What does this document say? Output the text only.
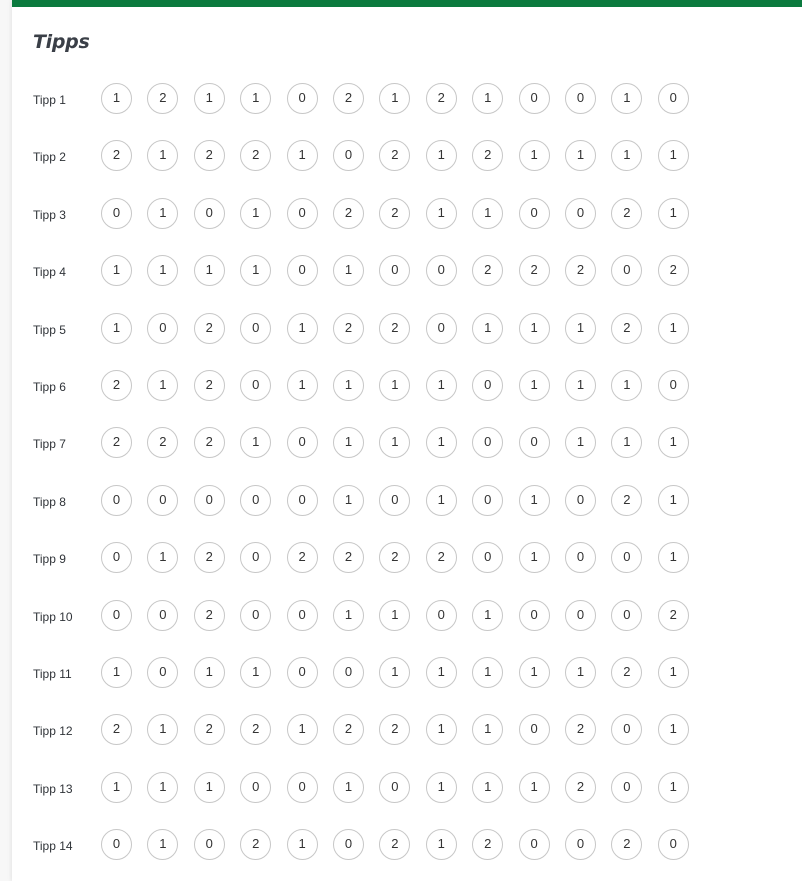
Tipps
Tipp 1	1	2	1	1	0	2	1	2	1	0	0	1	0
Tipp 2	2	1	2	2	1	0	2	1	2	1	1	1	1
Tipp 3	0	1	0	1	0	2	2	1	1	0	0	2	1
Tipp 4	1	1	1	1	0	1	0	0	2	2	2	0	2
Tipp 5	1	0	2	0	1	2	2	0	1	1	1	2	1
Tipp 6	2	1	2	0	1	1	1	1	0	1	1	1	0
Tipp 7	2	2	2	1	0	1	1	1	0	0	1	1	1
Tipp 8	0	0	0	0	0	1	0	1	0	1	0	2	1
Tipp 9	0	1	2	0	2	2	2	2	0	1	0	0	1
Tipp 10	0	0	2	0	0	1	1	0	1	0	0	0	2
Tipp 11	1	0	1	1	0	0	1	1	1	1	1	2	1
Tipp 12	2	1	2	2	1	2	2	1	1	0	2	0	1
Tipp 13	1	1	1	0	0	1	0	1	1	1	2	0	1
Tipp 14	0	1	0	2	1	0	2	1	2	0	0	2	0
